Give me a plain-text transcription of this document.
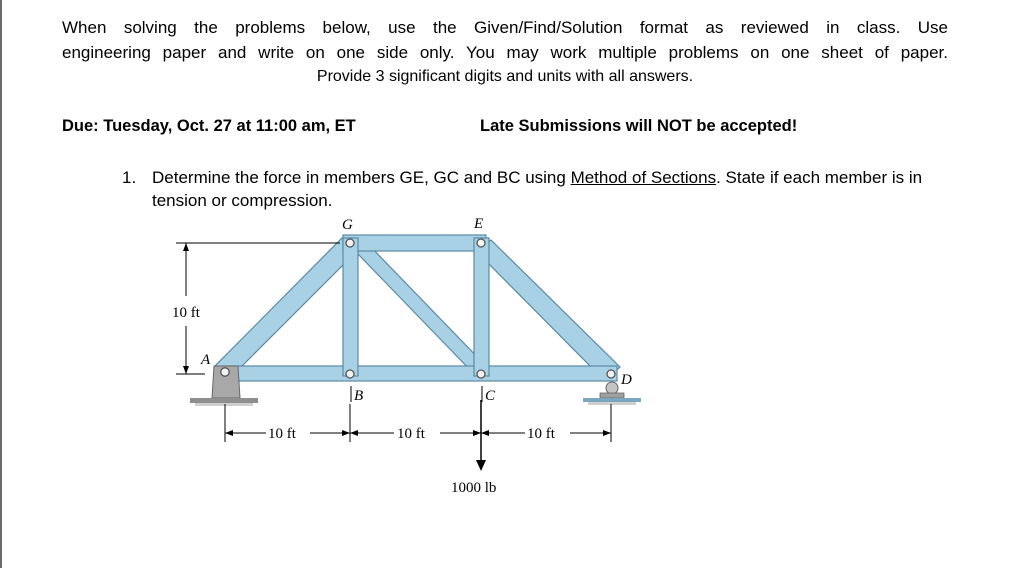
When solving the problems below, use the Given/Find/Solution format as reviewed in class. Use
engineering paper and write on one side only. You may work multiple problems on one sheet of paper.
Provide 3 significant digits and units with all answers.
Due: Tuesday, Oct. 27 at 11:00 am, ET	Late Submissions will NOT be accepted!
1. Determine the force in members GE, GC and BC using Method of Sections. State if each member is in tension or compression.
10 ft
10 ft	10 ft	10 ft
1000 lb
G	E
A
B	C
D
